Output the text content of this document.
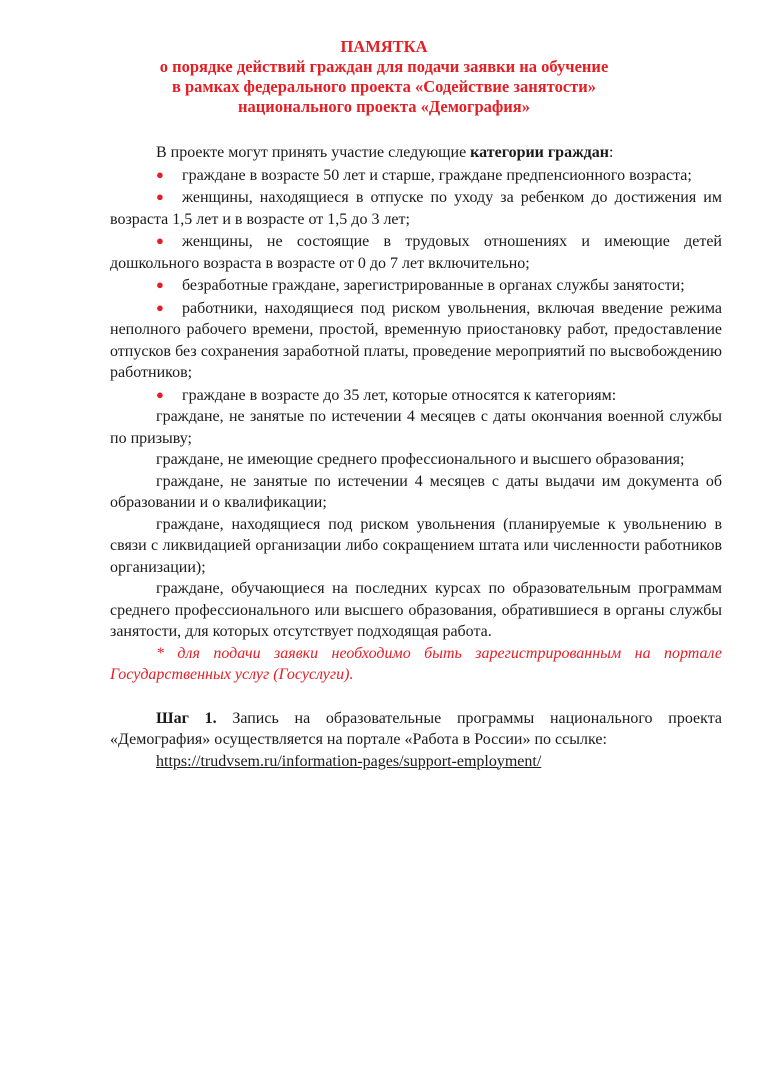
ПАМЯТКА
о порядке действий граждан для подачи заявки на обучение
в рамках федерального проекта «Содействие занятости»
национального проекта «Демография»

В проекте могут принять участие следующие категории граждан:

● граждане в возрасте 50 лет и старше, граждане предпенсионного возраста;

● женщины, находящиеся в отпуске по уходу за ребенком до достижения им возраста 1,5 лет и в возрасте от 1,5 до 3 лет;

● женщины, не состоящие в трудовых отношениях и имеющие детей дошкольного возраста в возрасте от 0 до 7 лет включительно;

● безработные граждане, зарегистрированные в органах службы занятости;

● работники, находящиеся под риском увольнения, включая введение режима неполного рабочего времени, простой, временную приостановку работ, предоставление отпусков без сохранения заработной платы, проведение мероприятий по высвобождению работников;

● граждане в возрасте до 35 лет, которые относятся к категориям:

граждане, не занятые по истечении 4 месяцев с даты окончания военной службы по призыву;

граждане, не имеющие среднего профессионального и высшего образования;

граждане, не занятые по истечении 4 месяцев с даты выдачи им документа об образовании и о квалификации;

граждане, находящиеся под риском увольнения (планируемые к увольнению в связи с ликвидацией организации либо сокращением штата или численности работников организации);

граждане, обучающиеся на последних курсах по образовательным программам среднего профессионального или высшего образования, обратившиеся в органы службы занятости, для которых отсутствует подходящая работа.

* для подачи заявки необходимо быть зарегистрированным на портале Государственных услуг (Госуслуги).

Шаг 1. Запись на образовательные программы национального проекта «Демография» осуществляется на портале «Работа в России» по ссылке:

https://trudvsem.ru/information-pages/support-employment/
